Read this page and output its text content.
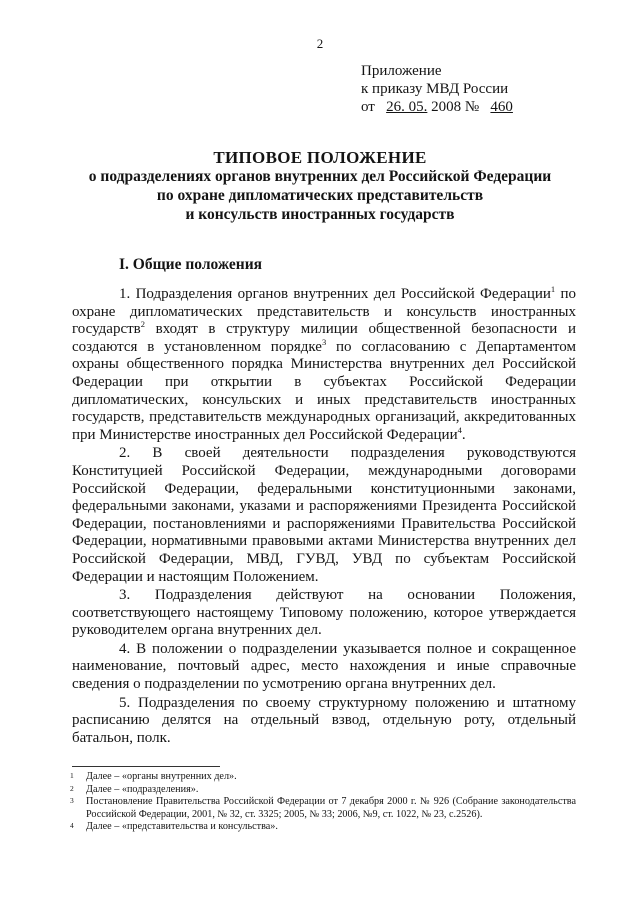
2
Приложение
к приказу МВД России
от 26. 05. 2008 № 460
ТИПОВОЕ ПОЛОЖЕНИЕ
о подразделениях органов внутренних дел Российской Федерации
по охране дипломатических представительств
и консульств иностранных государств
I. Общие положения

1. Подразделения органов внутренних дел Российской Федерации$^1$ по охране дипломатических представительств и консульств иностранных государств$^2$ входят в структуру милиции общественной безопасности и создаются в установленном порядке$^3$ по согласованию с Департаментом охраны общественного порядка Министерства внутренних дел Российской Федерации при открытии в субъектах Российской Федерации дипломатических, консульских и иных представительств иностранных государств, представительств международных организаций, аккредитованных при Министерстве иностранных дел Российской Федерации$^4$.

2. В своей деятельности подразделения руководствуются Конституцией Российской Федерации, международными договорами Российской Федерации, федеральными конституционными законами, федеральными законами, указами и распоряжениями Президента Российской Федерации, постановлениями и распоряжениями Правительства Российской Федерации, нормативными правовыми актами Министерства внутренних дел Российской Федерации, МВД, ГУВД, УВД по субъектам Российской Федерации и настоящим Положением.

3. Подразделения действуют на основании Положения, соответствующего настоящему Типовому положению, которое утверждается руководителем органа внутренних дел.

4. В положении о подразделении указывается полное и сокращенное наименование, почтовый адрес, место нахождения и иные справочные сведения о подразделении по усмотрению органа внутренних дел.

5. Подразделения по своему структурному положению и штатному расписанию делятся на отдельный взвод, отдельную роту, отдельный батальон, полк.

1	Далее – «органы внутренних дел».
2	Далее – «подразделения».
3	Постановление Правительства Российской Федерации от 7 декабря 2000 г. № 926 (Собрание законодательства Российской Федерации, 2001, № 32, ст. 3325; 2005, № 33; 2006, №9, ст. 1022, № 23, с.2526).
4	Далее – «представительства и консульства».
